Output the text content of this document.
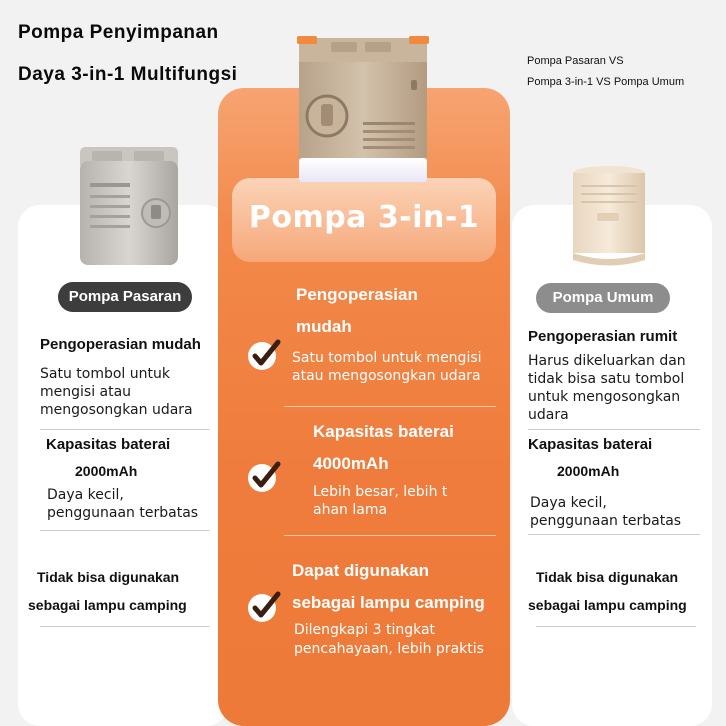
Pompa Penyimpanan
Daya 3-in-1 Multifungsi
Pompa Pasaran VS
Pompa 3-in-1 VS Pompa Umum
Pompa 3-in-1
Pompa Pasaran	Pompa Umum
Pengoperasian mudah
Satu tombol untuk
mengisi atau
mengosongkan udara
Kapasitas baterai
2000mAh
Daya kecil,
penggunaan terbatas
Tidak bisa digunakan
sebagai lampu camping
Pengoperasian rumit
Harus dikeluarkan dan
tidak bisa satu tombol
untuk mengosongkan
udara
Kapasitas baterai
2000mAh
Daya kecil,
penggunaan terbatas
Tidak bisa digunakan
sebagai lampu camping
Pengoperasian
mudah
Satu tombol untuk mengisi
atau mengosongkan udara
Kapasitas baterai
4000mAh
Lebih besar, lebih t
ahan lama
Dapat digunakan
sebagai lampu camping
Dilengkapi 3 tingkat
pencahayaan, lebih praktis
